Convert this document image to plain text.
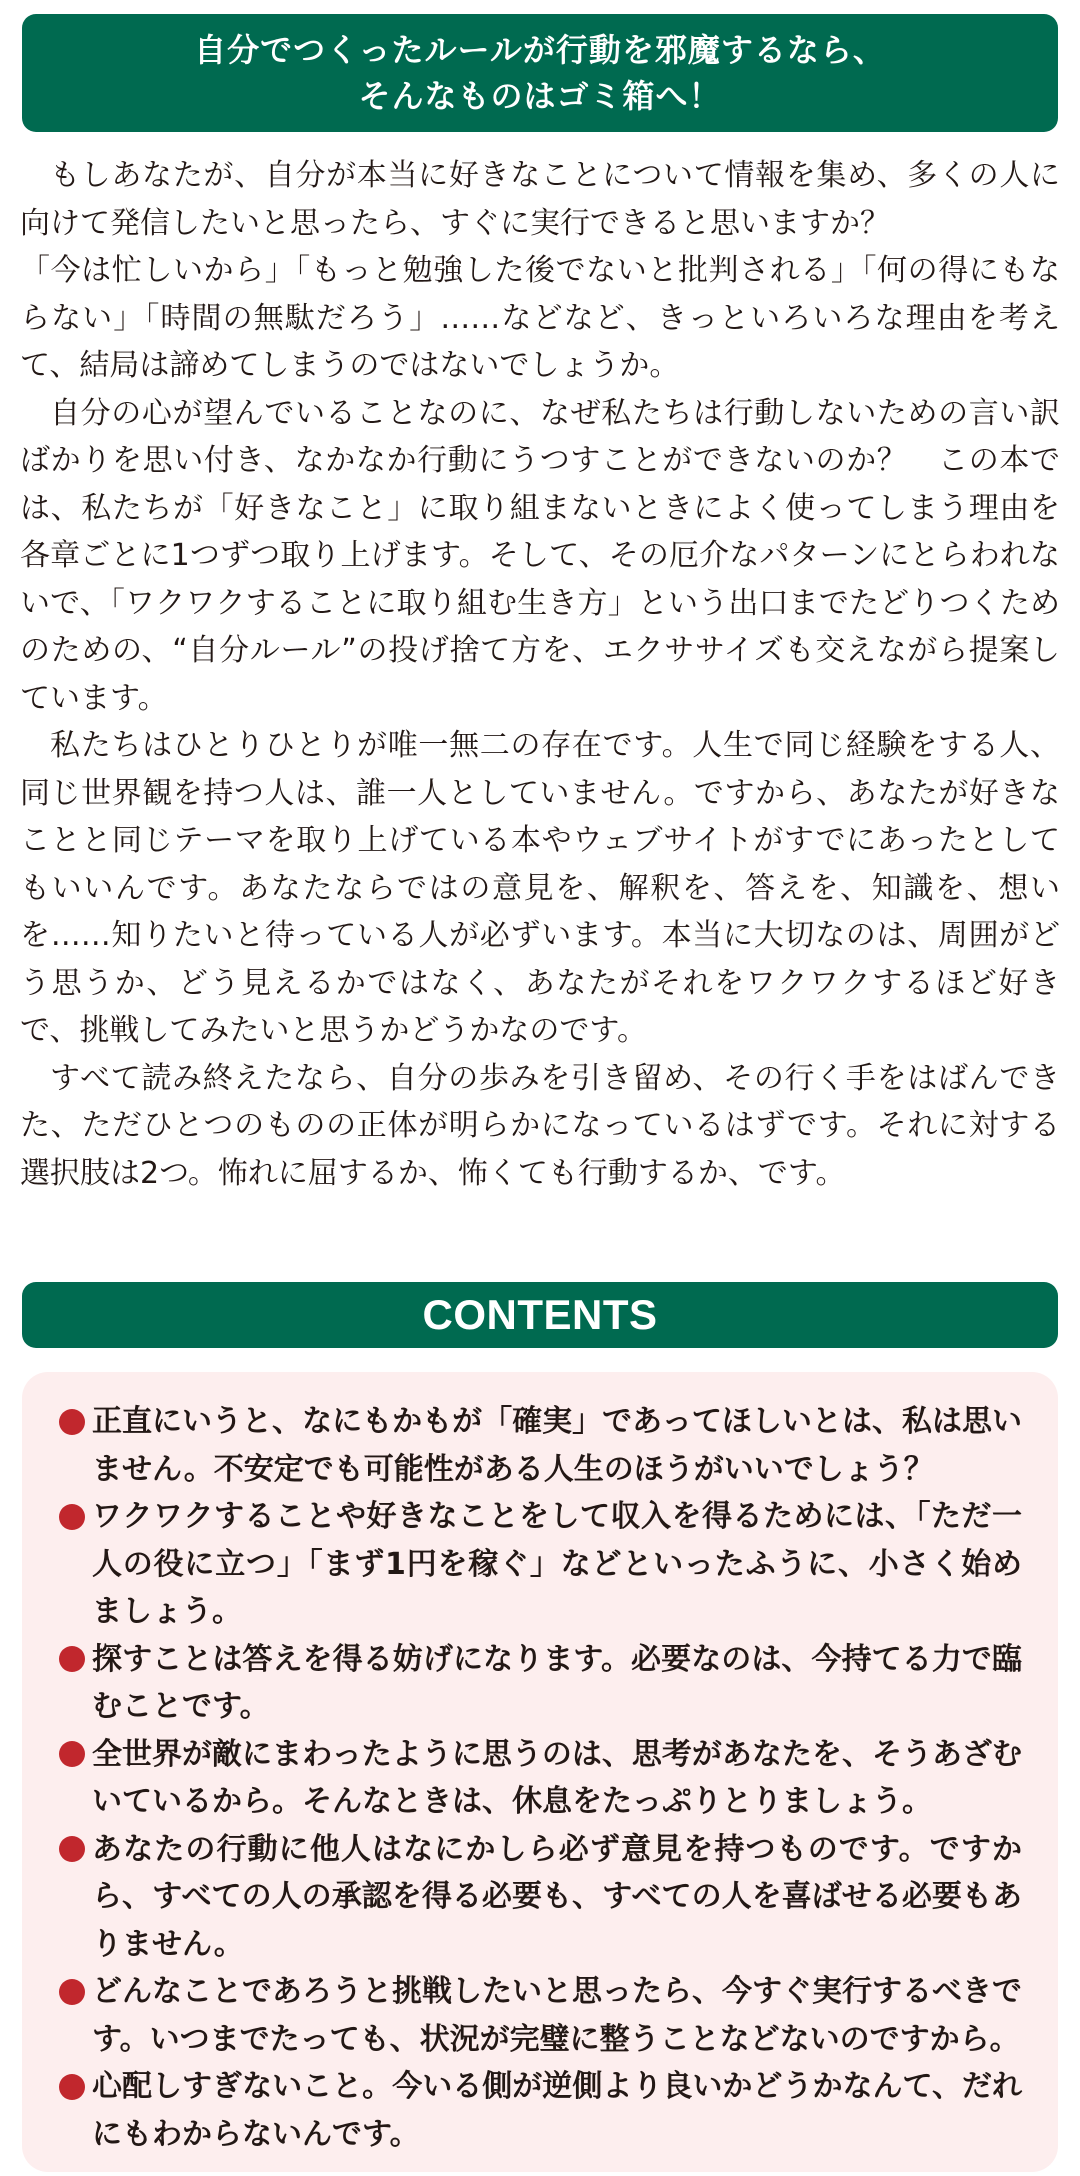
自分でつくったルールが行動を邪魔するなら、
そんなものはゴミ箱へ！

もしあなたが、自分が本当に好きなことについて情報を集め、多くの人に向けて発信したいと思ったら、すぐに実行できると思いますか？

「今は忙しいから」「もっと勉強した後でないと批判される」「何の得にもならない」「時間の無駄だろう」……などなど、きっといろいろな理由を考えて、結局は諦めてしまうのではないでしょうか。

自分の心が望んでいることなのに、なぜ私たちは行動しないための言い訳ばかりを思い付き、なかなか行動にうつすことができないのか？　この本では、私たちが「好きなこと」に取り組まないときによく使ってしまう理由を各章ごとに1つずつ取り上げます。そして、その厄介なパターンにとらわれないで、「ワクワクすることに取り組む生き方」という出口までたどりつくためのための、“自分ルール”の投げ捨て方を、エクササイズも交えながら提案しています。

私たちはひとりひとりが唯一無二の存在です。人生で同じ経験をする人、同じ世界観を持つ人は、誰一人としていません。ですから、あなたが好きなことと同じテーマを取り上げている本やウェブサイトがすでにあったとしてもいいんです。あなたならではの意見を、解釈を、答えを、知識を、想いを……知りたいと待っている人が必ずいます。本当に大切なのは、周囲がどう思うか、どう見えるかではなく、あなたがそれをワクワクするほど好きで、挑戦してみたいと思うかどうかなのです。

すべて読み終えたなら、自分の歩みを引き留め、その行く手をはばんできた、ただひとつのものの正体が明らかになっているはずです。それに対する選択肢は2つ。怖れに屈するか、怖くても行動するか、です。

CONTENTS
正直にいうと、なにもかもが「確実」であってほしいとは、私は思いません。不安定でも可能性がある人生のほうがいいでしょう？
ワクワクすることや好きなことをして収入を得るためには、「ただ一人の役に立つ」「まず1円を稼ぐ」などといったふうに、小さく始めましょう。
探すことは答えを得る妨げになります。必要なのは、今持てる力で臨むことです。
全世界が敵にまわったように思うのは、思考があなたを、そうあざむいているから。そんなときは、休息をたっぷりとりましょう。
あなたの行動に他人はなにかしら必ず意見を持つものです。ですから、すべての人の承認を得る必要も、すべての人を喜ばせる必要もありません。
どんなことであろうと挑戦したいと思ったら、今すぐ実行するべきです。いつまでたっても、状況が完璧に整うことなどないのですから。
心配しすぎないこと。今いる側が逆側より良いかどうかなんて、だれにもわからないんです。
